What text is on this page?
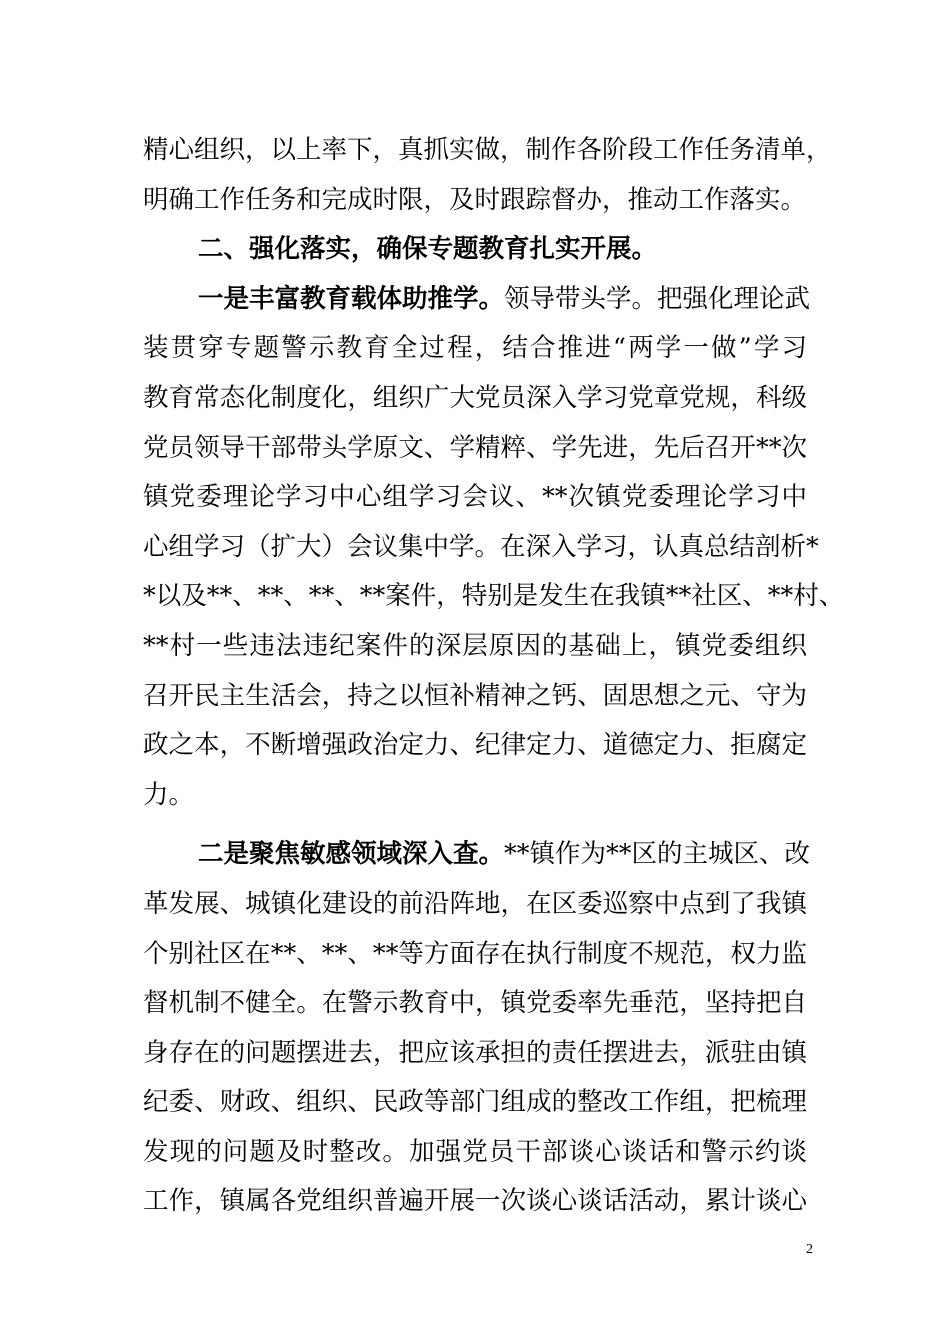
精心组织，以上率下，真抓实做，制作各阶段工作任务清单，
明确工作任务和完成时限，及时跟踪督办，推动工作落实。
二、强化落实，确保专题教育扎实开展。
一是丰富教育载体助推学。领导带头学。把强化理论武
装贯穿专题警示教育全过程，结合推进“两学一做”学习
教育常态化制度化，组织广大党员深入学习党章党规，科级
党员领导干部带头学原文、学精粹、学先进，先后召开**次
镇党委理论学习中心组学习会议、**次镇党委理论学习中
心组学习（扩大）会议集中学。在深入学习，认真总结剖析*
*以及**、**、**、**案件，特别是发生在我镇**社区、**村、
**村一些违法违纪案件的深层原因的基础上，镇党委组织
召开民主生活会，持之以恒补精神之钙、固思想之元、守为
政之本，不断增强政治定力、纪律定力、道德定力、拒腐定
力。
二是聚焦敏感领域深入查。**镇作为**区的主城区、改
革发展、城镇化建设的前沿阵地，在区委巡察中点到了我镇
个别社区在**、**、**等方面存在执行制度不规范，权力监
督机制不健全。在警示教育中，镇党委率先垂范，坚持把自
身存在的问题摆进去，把应该承担的责任摆进去，派驻由镇
纪委、财政、组织、民政等部门组成的整改工作组，把梳理
发现的问题及时整改。加强党员干部谈心谈话和警示约谈
工作，镇属各党组织普遍开展一次谈心谈话活动，累计谈心
2
